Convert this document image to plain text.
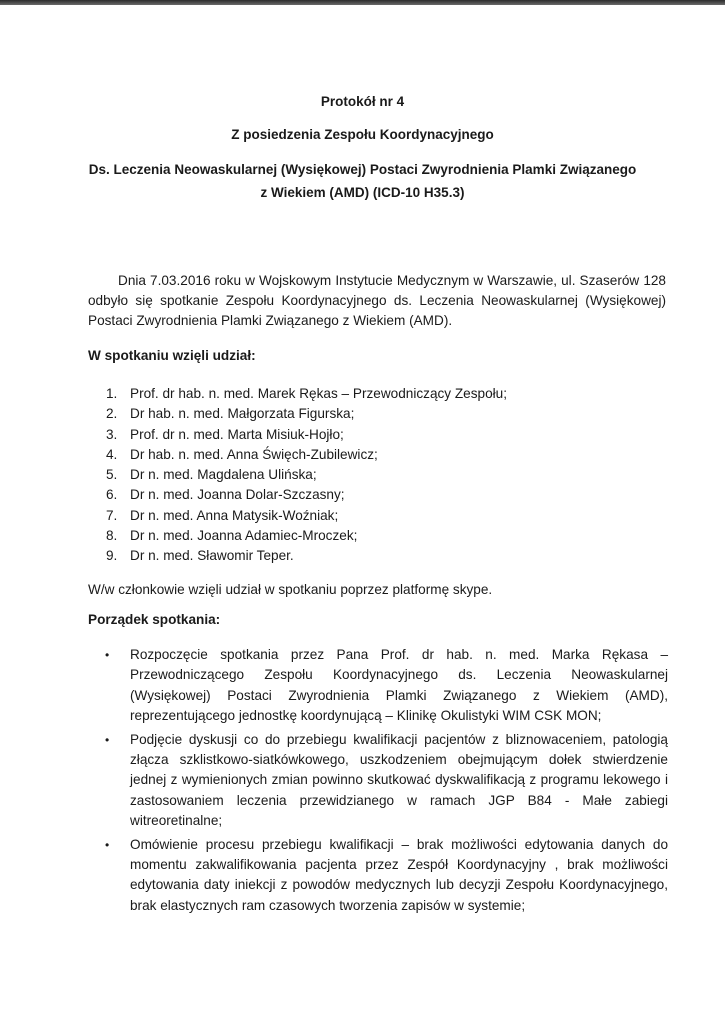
Protokół nr 4
Z posiedzenia Zespołu Koordynacyjnego
Ds. Leczenia Neowaskularnej (Wysiękowej) Postaci Zwyrodnienia Plamki Związanego
z Wiekiem (AMD) (ICD-10 H35.3)
Dnia 7.03.2016 roku w Wojskowym Instytucie Medycznym w Warszawie, ul. Szaserów 128 odbyło się spotkanie Zespołu Koordynacyjnego ds. Leczenia Neowaskularnej (Wysiękowej) Postaci Zwyrodnienia Plamki Związanego z Wiekiem (AMD).
W spotkaniu wzięli udział:
1. Prof. dr hab. n. med. Marek Rękas – Przewodniczący Zespołu;
2. Dr hab. n. med. Małgorzata Figurska;
3. Prof. dr n. med. Marta Misiuk-Hojło;
4. Dr hab. n. med. Anna Święch-Zubilewicz;
5. Dr n. med. Magdalena Ulińska;
6. Dr n. med. Joanna Dolar-Szczasny;
7. Dr n. med. Anna Matysik-Woźniak;
8. Dr n. med. Joanna Adamiec-Mroczek;
9. Dr n. med. Sławomir Teper.
W/w członkowie wzięli udział w spotkaniu poprzez platformę skype.
Porządek spotkania:
• Rozpoczęcie spotkania przez Pana Prof. dr hab. n. med. Marka Rękasa – Przewodniczącego Zespołu Koordynacyjnego ds. Leczenia Neowaskularnej (Wysiękowej) Postaci Zwyrodnienia Plamki Związanego z Wiekiem (AMD), reprezentującego jednostkę koordynującą – Klinikę Okulistyki WIM CSK MON;
• Podjęcie dyskusji co do przebiegu kwalifikacji pacjentów z bliznowaceniem, patologią złącza szklistkowo-siatkówkowego, uszkodzeniem obejmującym dołek stwierdzenie jednej z wymienionych zmian powinno skutkować dyskwalifikacją z programu lekowego i zastosowaniem leczenia przewidzianego w ramach JGP B84 - Małe zabiegi witreoretinalne;
• Omówienie procesu przebiegu kwalifikacji – brak możliwości edytowania danych do momentu zakwalifikowania pacjenta przez Zespół Koordynacyjny , brak możliwości edytowania daty iniekcji z powodów medycznych lub decyzji Zespołu Koordynacyjnego, brak elastycznych ram czasowych tworzenia zapisów w systemie;
